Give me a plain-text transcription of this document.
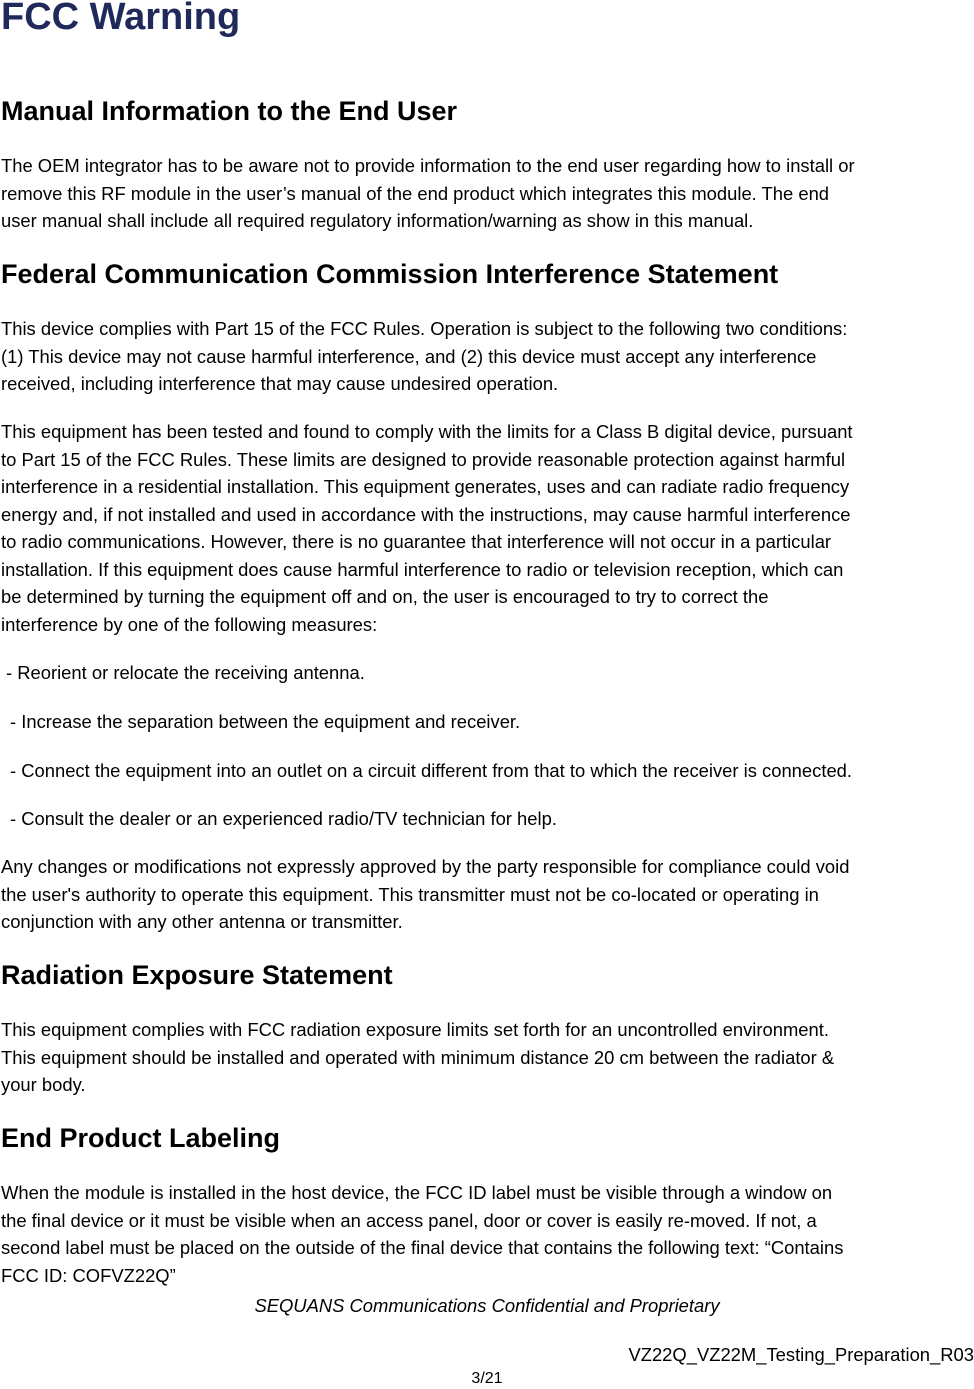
FCC Warning
Manual Information to the End User

The OEM integrator has to be aware not to provide information to the end user regarding how to install or
remove this RF module in the user’s manual of the end product which integrates this module. The end
user manual shall include all required regulatory information/warning as show in this manual.

Federal Communication Commission Interference Statement

This device complies with Part 15 of the FCC Rules. Operation is subject to the following two conditions:
(1) This device may not cause harmful interference, and (2) this device must accept any interference
received, including interference that may cause undesired operation.

This equipment has been tested and found to comply with the limits for a Class B digital device, pursuant
to Part 15 of the FCC Rules. These limits are designed to provide reasonable protection against harmful
interference in a residential installation. This equipment generates, uses and can radiate radio frequency
energy and, if not installed and used in accordance with the instructions, may cause harmful interference
to radio communications. However, there is no guarantee that interference will not occur in a particular
installation. If this equipment does cause harmful interference to radio or television reception, which can
be determined by turning the equipment off and on, the user is encouraged to try to correct the
interference by one of the following measures:

- Reorient or relocate the receiving antenna.

- Increase the separation between the equipment and receiver.

- Connect the equipment into an outlet on a circuit different from that to which the receiver is connected.

- Consult the dealer or an experienced radio/TV technician for help.

Any changes or modifications not expressly approved by the party responsible for compliance could void
the user's authority to operate this equipment. This transmitter must not be co-located or operating in
conjunction with any other antenna or transmitter.

Radiation Exposure Statement

This equipment complies with FCC radiation exposure limits set forth for an uncontrolled environment.
This equipment should be installed and operated with minimum distance 20 cm between the radiator &
your body.

End Product Labeling

When the module is installed in the host device, the FCC ID label must be visible through a window on
the final device or it must be visible when an access panel, door or cover is easily re-moved. If not, a
second label must be placed on the outside of the final device that contains the following text: “Contains
FCC ID: COFVZ22Q”

SEQUANS Communications Confidential and Proprietary
VZ22Q_VZ22M_Testing_Preparation_R03
3/21
